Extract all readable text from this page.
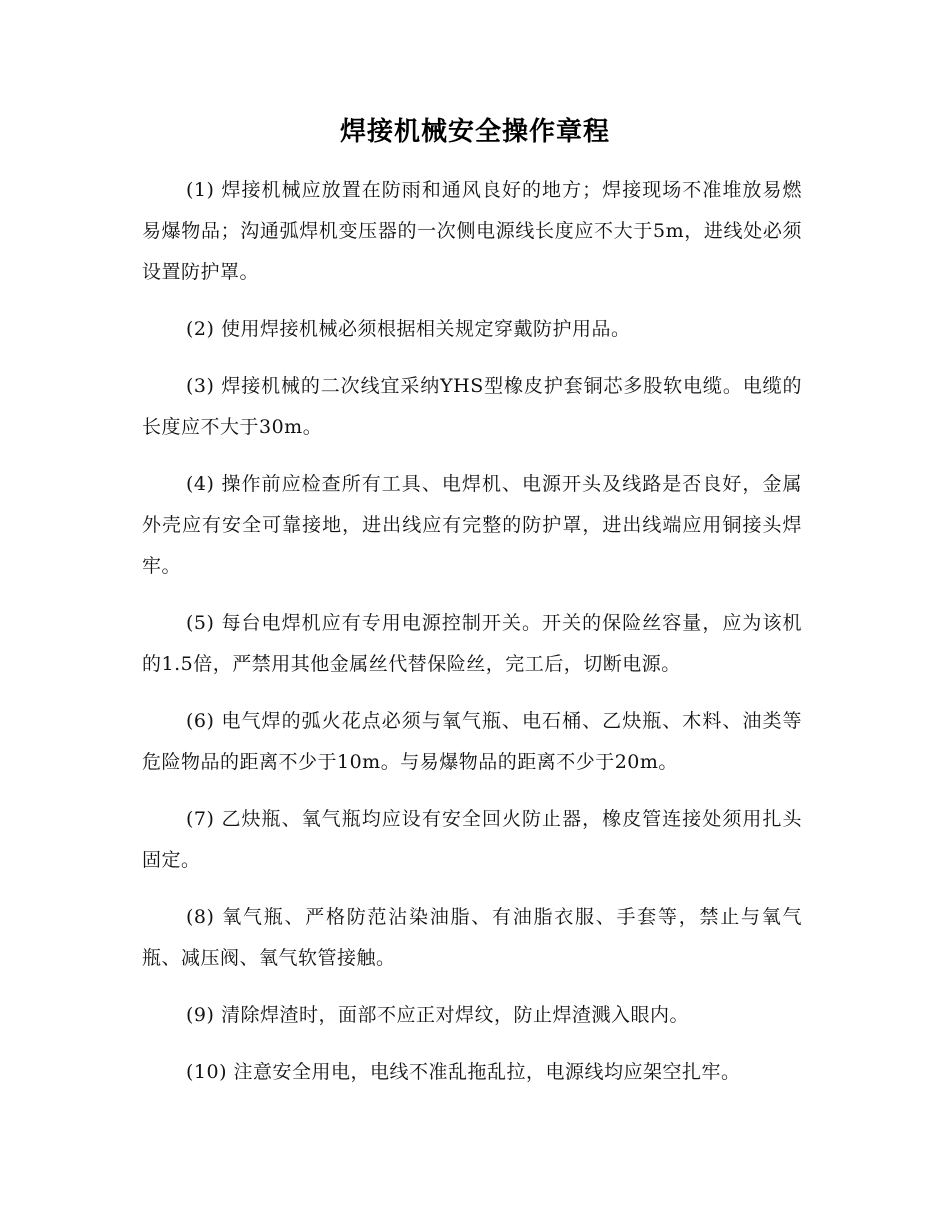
焊接机械安全操作章程

(1) 焊接机械应放置在防雨和通风良好的地方；焊接现场不准堆放易燃易爆物品；沟通弧焊机变压器的一次侧电源线长度应不大于5m，进线处必须设置防护罩。

(2) 使用焊接机械必须根据相关规定穿戴防护用品。

(3) 焊接机械的二次线宜采纳YHS型橡皮护套铜芯多股软电缆。电缆的长度应不大于30m。

(4) 操作前应检查所有工具、电焊机、电源开头及线路是否良好，金属外壳应有安全可靠接地，进出线应有完整的防护罩，进出线端应用铜接头焊牢。

(5) 每台电焊机应有专用电源控制开关。开关的保险丝容量，应为该机的1.5倍，严禁用其他金属丝代替保险丝，完工后，切断电源。

(6) 电气焊的弧火花点必须与氧气瓶、电石桶、乙炔瓶、木料、油类等危险物品的距离不少于10m。与易爆物品的距离不少于20m。

(7) 乙炔瓶、氧气瓶均应设有安全回火防止器，橡皮管连接处须用扎头固定。

(8) 氧气瓶、严格防范沾染油脂、有油脂衣服、手套等，禁止与氧气瓶、减压阀、氧气软管接触。

(9) 清除焊渣时，面部不应正对焊纹，防止焊渣溅入眼内。

(10) 注意安全用电，电线不准乱拖乱拉，电源线均应架空扎牢。
